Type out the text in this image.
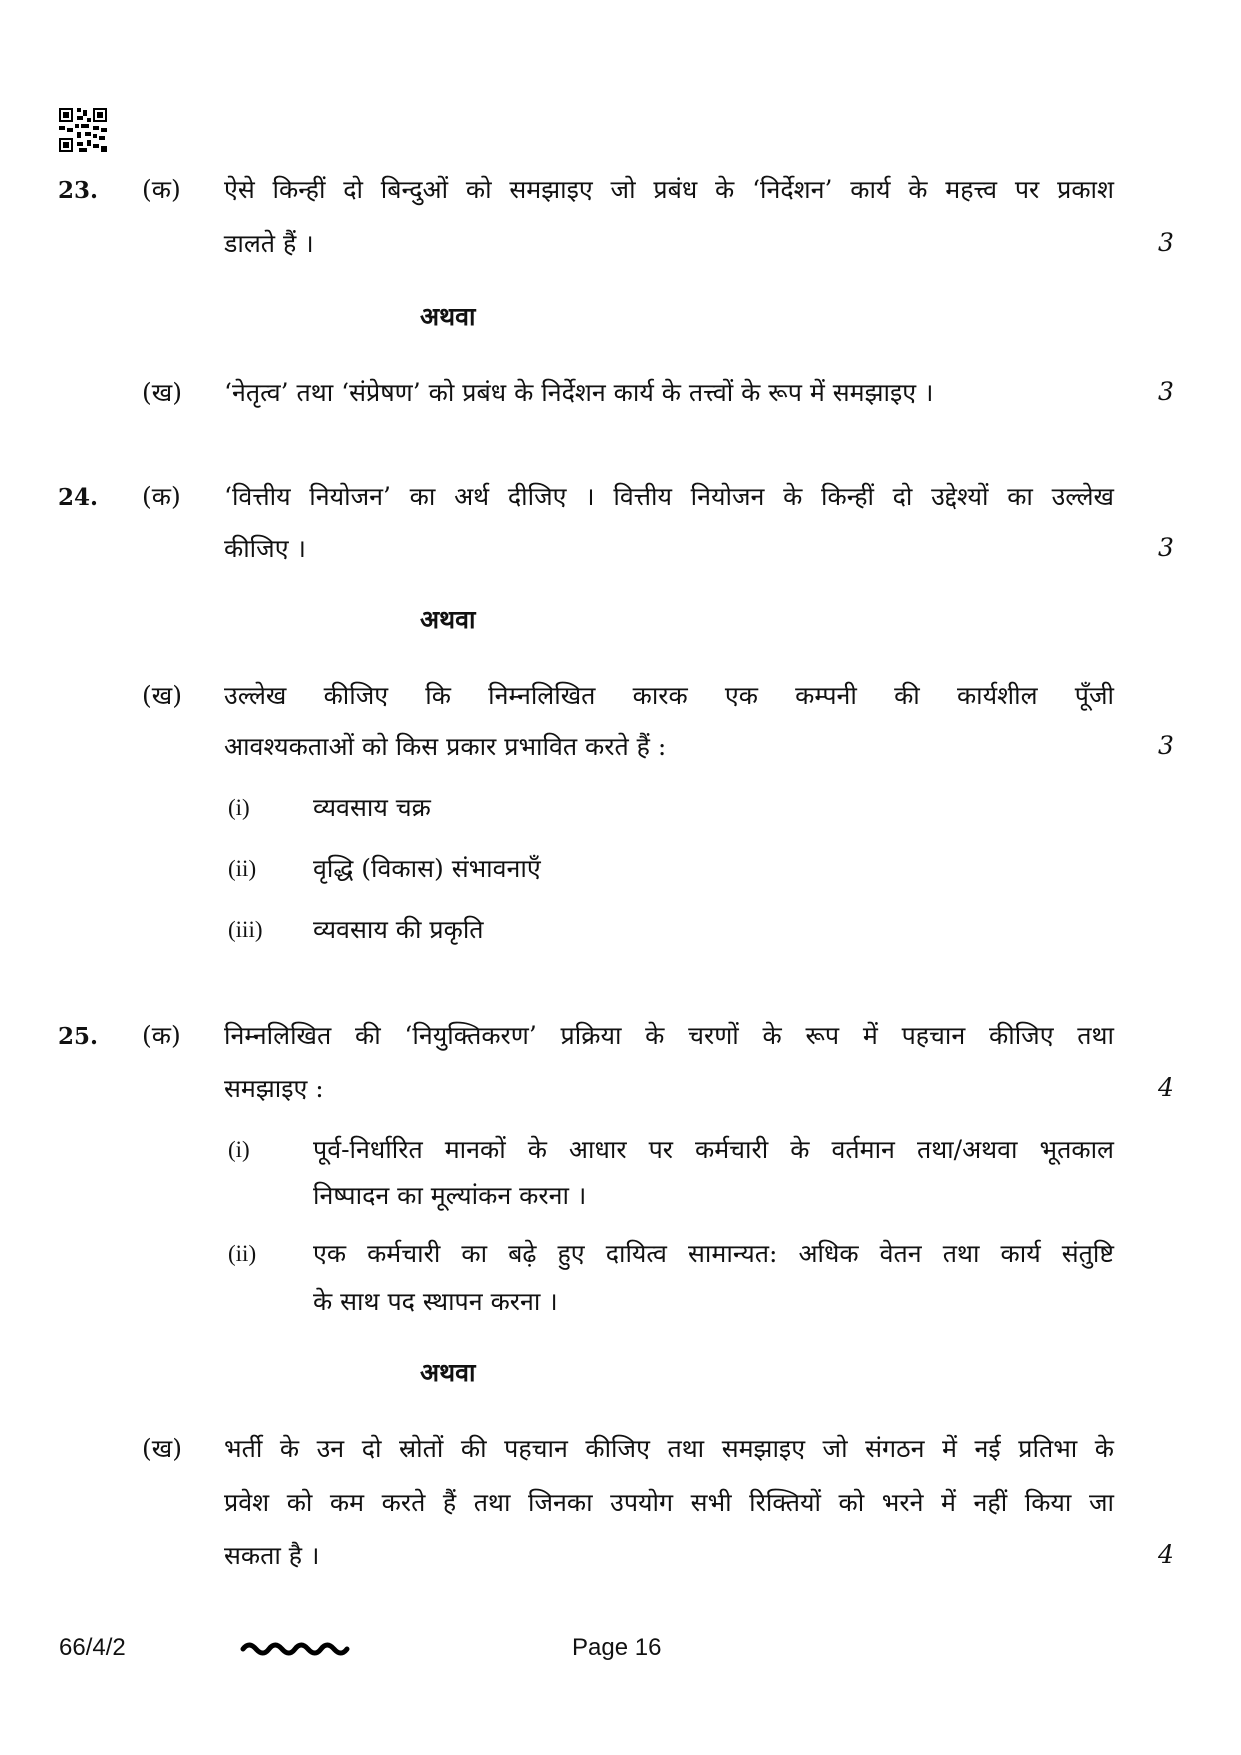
23. (क) ऐसे किन्हीं दो बिन्दुओं को समझाइए जो प्रबंध के ‘निर्देशन’ कार्य के महत्त्व पर प्रकाश
डालते हैं ।	3
अथवा
(ख) ‘नेतृत्व’ तथा ‘संप्रेषण’ को प्रबंध के निर्देशन कार्य के तत्त्वों के रूप में समझाइए ।	3
24. (क) ‘वित्तीय नियोजन’ का अर्थ दीजिए । वित्तीय नियोजन के किन्हीं दो उद्देश्यों का उल्लेख
कीजिए ।	3
अथवा
(ख) उल्लेख कीजिए कि निम्नलिखित कारक एक कम्पनी की कार्यशील पूँजी
आवश्यकताओं को किस प्रकार प्रभावित करते हैं :	3
(i)	व्यवसाय चक्र
(ii) वृद्धि (विकास) संभावनाएँ
(iii) व्यवसाय की प्रकृति
25. (क) निम्नलिखित की ‘नियुक्तिकरण’ प्रक्रिया के चरणों के रूप में पहचान कीजिए तथा
समझाइए :	4
(i)	पूर्व-निर्धारित मानकों के आधार पर कर्मचारी के वर्तमान तथा/अथवा भूतकाल
निष्पादन का मूल्यांकन करना ।
(ii) एक कर्मचारी का बढ़े हुए दायित्व सामान्यत: अधिक वेतन तथा कार्य संतुष्टि
के साथ पद स्थापन करना ।
अथवा
(ख) भर्ती के उन दो स्रोतों की पहचान कीजिए तथा समझाइए जो संगठन में नई प्रतिभा के
प्रवेश को कम करते हैं तथा जिनका उपयोग सभी रिक्तियों को भरने में नहीं किया जा
सकता है ।	4
66/4/2	Page 16
